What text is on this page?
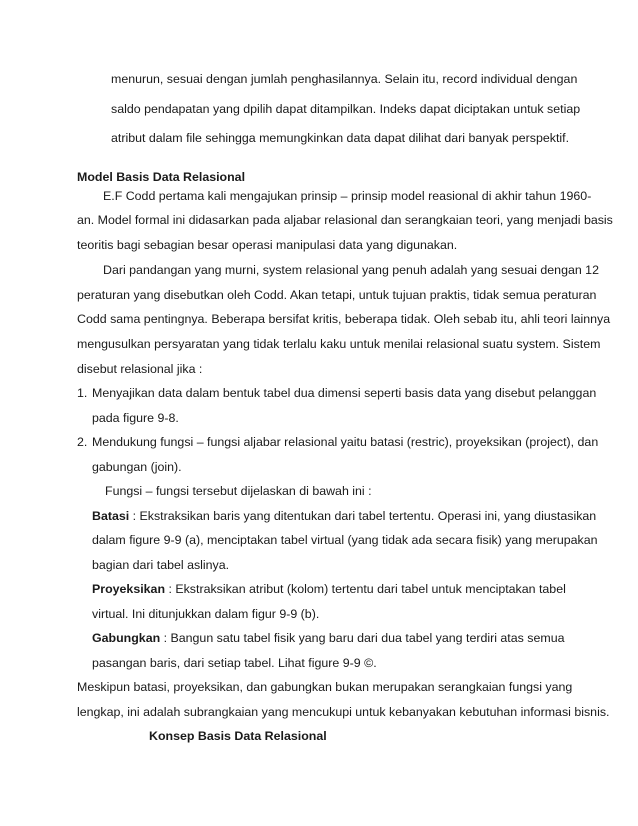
menurun, sesuai dengan jumlah penghasilannya. Selain itu, record individual dengan
saldo pendapatan yang dpilih dapat ditampilkan. Indeks dapat diciptakan untuk setiap
atribut dalam file sehingga memungkinkan data dapat dilihat dari banyak perspektif.
Model Basis Data Relasional
E.F Codd pertama kali mengajukan prinsip – prinsip model reasional di akhir tahun 1960-
an. Model formal ini didasarkan pada aljabar relasional dan serangkaian teori, yang menjadi basis
teoritis bagi sebagian besar operasi manipulasi data yang digunakan.
Dari pandangan yang murni, system relasional yang penuh adalah yang sesuai dengan 12
peraturan yang disebutkan oleh Codd. Akan tetapi, untuk tujuan praktis, tidak semua peraturan
Codd sama pentingnya. Beberapa bersifat kritis, beberapa tidak. Oleh sebab itu, ahli teori lainnya
mengusulkan persyaratan yang tidak terlalu kaku untuk menilai relasional suatu system. Sistem
disebut relasional jika :
1. Menyajikan data dalam bentuk tabel dua dimensi seperti basis data yang disebut pelanggan
pada figure 9-8.
2. Mendukung fungsi – fungsi aljabar relasional yaitu batasi (restric), proyeksikan (project), dan
gabungan (join).
Fungsi – fungsi tersebut dijelaskan di bawah ini :
Batasi : Ekstraksikan baris yang ditentukan dari tabel tertentu. Operasi ini, yang diustasikan
dalam figure 9-9 (a), menciptakan tabel virtual (yang tidak ada secara fisik) yang merupakan
bagian dari tabel aslinya.
Proyeksikan : Ekstraksikan atribut (kolom) tertentu dari tabel untuk menciptakan tabel
virtual. Ini ditunjukkan dalam figur 9-9 (b).
Gabungkan : Bangun satu tabel fisik yang baru dari dua tabel yang terdiri atas semua
pasangan baris, dari setiap tabel. Lihat figure 9-9 ©.
Meskipun batasi, proyeksikan, dan gabungkan bukan merupakan serangkaian fungsi yang
lengkap, ini adalah subrangkaian yang mencukupi untuk kebanyakan kebutuhan informasi bisnis.
Konsep Basis Data Relasional
